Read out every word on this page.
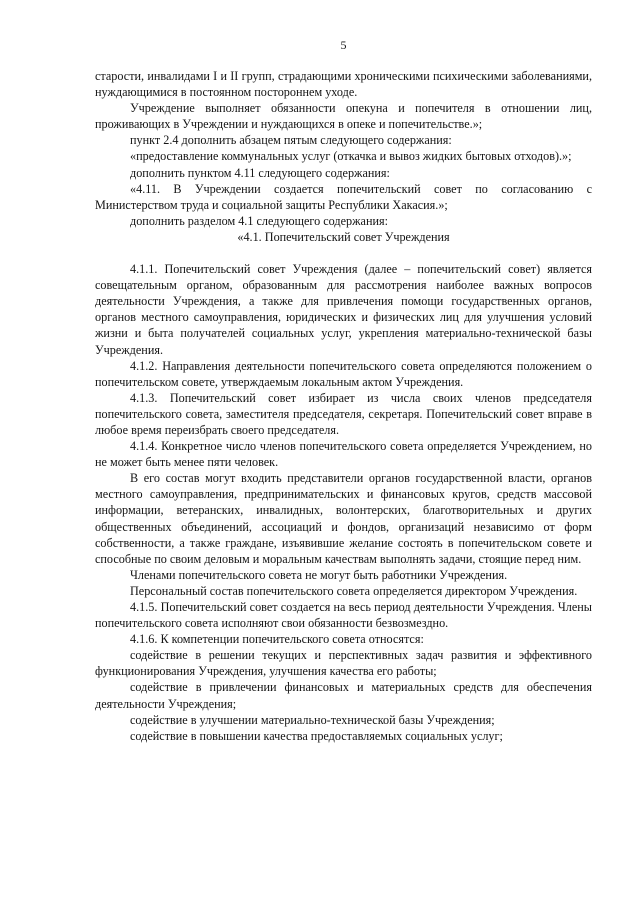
5

старости, инвалидами I и II групп, страдающими хроническими психическими заболеваниями, нуждающимися в постоянном постороннем уходе.

Учреждение выполняет обязанности опекуна и попечителя в отношении лиц, проживающих в Учреждении и нуждающихся в опеке и попечительстве.»;

пункт 2.4 дополнить абзацем пятым следующего содержания:

«предоставление коммунальных услуг (откачка и вывоз жидких бытовых отходов).»;

дополнить пунктом 4.11 следующего содержания:

«4.11. В Учреждении создается попечительский совет по согласованию с Министерством труда и социальной защиты Республики Хакасия.»;

дополнить разделом 4.1 следующего содержания:

«4.1. Попечительский совет Учреждения

4.1.1. Попечительский совет Учреждения (далее – попечительский совет) является совещательным органом, образованным для рассмотрения наиболее важных вопросов деятельности Учреждения, а также для привлечения помощи государственных органов, органов местного самоуправления, юридических и физических лиц для улучшения условий жизни и быта получателей социальных услуг, укрепления материально-технической базы Учреждения.

4.1.2. Направления деятельности попечительского совета определяются положением о попечительском совете, утверждаемым локальным актом Учреждения.

4.1.3. Попечительский совет избирает из числа своих членов председателя попечительского совета, заместителя председателя, секретаря. Попечительский совет вправе в любое время переизбрать своего председателя.

4.1.4. Конкретное число членов попечительского совета определяется Учреждением, но не может быть менее пяти человек.

В его состав могут входить представители органов государственной власти, органов местного самоуправления, предпринимательских и финансовых кругов, средств массовой информации, ветеранских, инвалидных, волонтерских, благотворительных и других общественных объединений, ассоциаций и фондов, организаций независимо от форм собственности, а также граждане, изъявившие желание состоять в попечительском совете и способные по своим деловым и моральным качествам выполнять задачи, стоящие перед ним.

Членами попечительского совета не могут быть работники Учреждения.

Персональный состав попечительского совета определяется директором Учреждения.

4.1.5. Попечительский совет создается на весь период деятельности Учреждения. Члены попечительского совета исполняют свои обязанности безвозмездно.

4.1.6. К компетенции попечительского совета относятся:

содействие в решении текущих и перспективных задач развития и эффективного функционирования Учреждения, улучшения качества его работы;

содействие в привлечении финансовых и материальных средств для обеспечения деятельности Учреждения;

содействие в улучшении материально-технической базы Учреждения;

содействие в повышении качества предоставляемых социальных услуг;
